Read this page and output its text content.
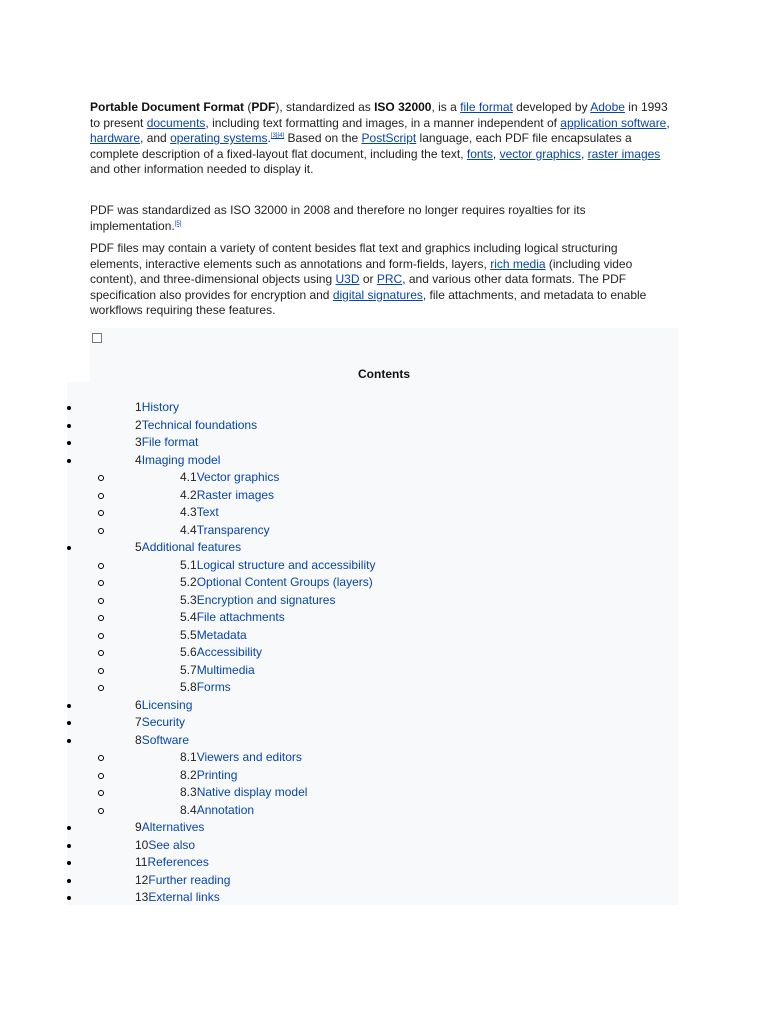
Portable Document Format (PDF), standardized as ISO 32000, is a file format developed by Adobe in 1993 to present documents, including text formatting and images, in a manner independent of application software, hardware, and operating systems.[3][4] Based on the PostScript language, each PDF file encapsulates a complete description of a fixed-layout flat document, including the text, fonts, vector graphics, raster images and other information needed to display it.

PDF was standardized as ISO 32000 in 2008 and therefore no longer requires royalties for its implementation.[5]

PDF files may contain a variety of content besides flat text and graphics including logical structuring elements, interactive elements such as annotations and form-fields, layers, rich media (including video content), and three-dimensional objects using U3D or PRC, and various other data formats. The PDF specification also provides for encryption and digital signatures, file attachments, and metadata to enable workflows requiring these features.

Contents
1History
2Technical foundations
3File format
4Imaging model
4.1Vector graphics
4.2Raster images
4.3Text
4.4Transparency
5Additional features
5.1Logical structure and accessibility
5.2Optional Content Groups (layers)
5.3Encryption and signatures
5.4File attachments
5.5Metadata
5.6Accessibility
5.7Multimedia
5.8Forms
6Licensing
7Security
8Software
8.1Viewers and editors
8.2Printing
8.3Native display model
8.4Annotation
9Alternatives
10See also
11References
12Further reading
13External links
